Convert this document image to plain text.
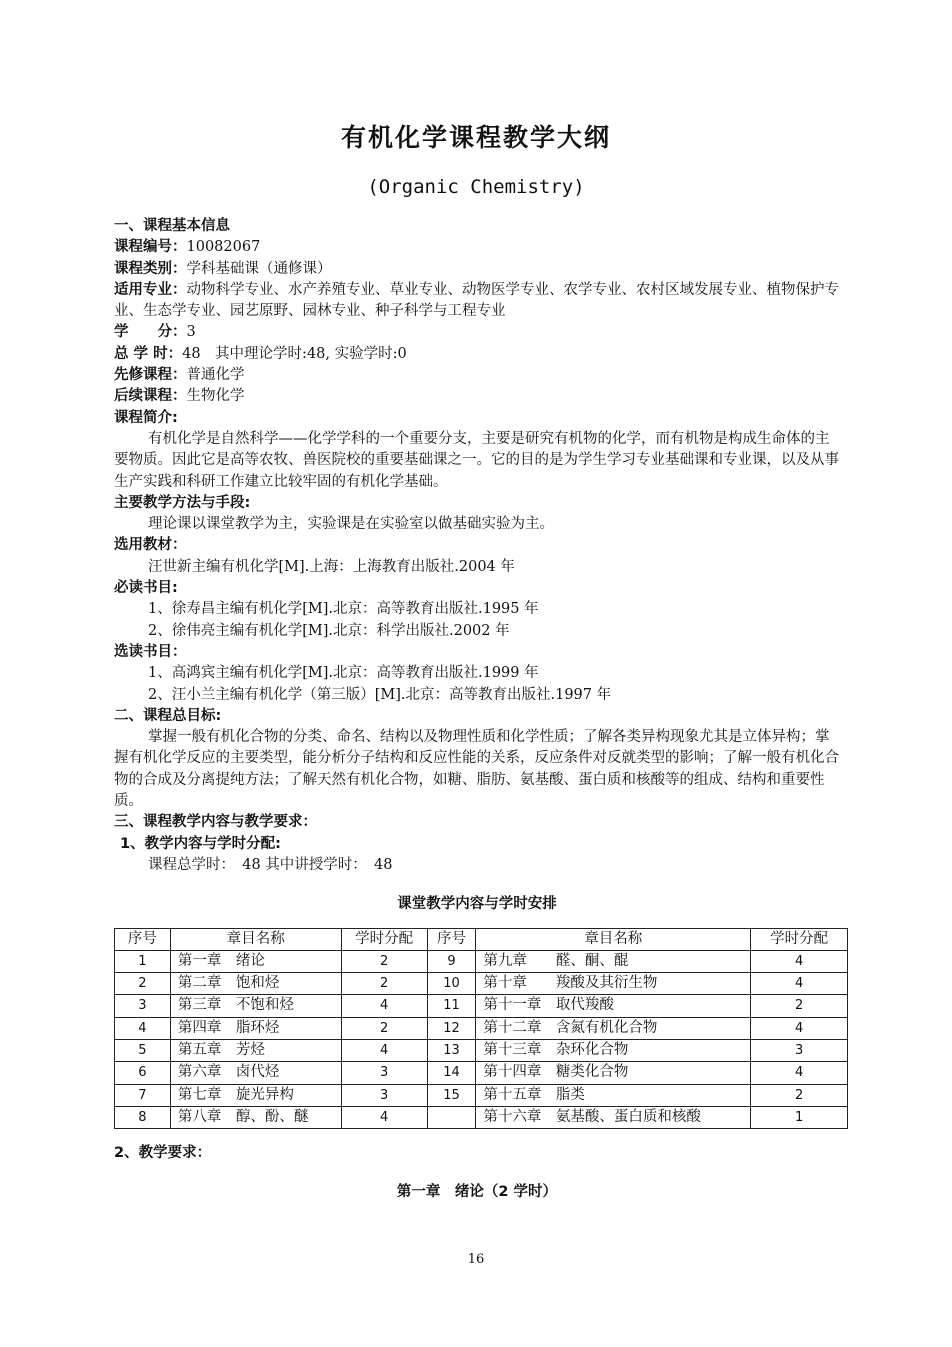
有机化学课程教学大纲
(Organic Chemistry)
一、课程基本信息
课程编号：10082067
课程类别：学科基础课（通修课）
适用专业：动物科学专业、水产养殖专业、草业专业、动物医学专业、农学专业、农村区域发展专业、植物保护专业、生态学专业、园艺原野、园林专业、种子科学与工程专业
学　　分：3
总 学 时：48　其中理论学时:48, 实验学时:0
先修课程：普通化学
后续课程：生物化学
课程简介:
有机化学是自然科学——化学学科的一个重要分支，主要是研究有机物的化学，而有机物是构成生命体的主要物质。因此它是高等农牧、兽医院校的重要基础课之一。它的目的是为学生学习专业基础课和专业课，以及从事生产实践和科研工作建立比较牢固的有机化学基础。
主要教学方法与手段:
理论课以课堂教学为主，实验课是在实验室以做基础实验为主。
选用教材：
汪世新主编有机化学[M].上海：上海教育出版社.2004 年
必读书目:
1、徐寿昌主编有机化学[M].北京：高等教育出版社.1995 年
2、徐伟亮主编有机化学[M].北京：科学出版社.2002 年
选读书目：
1、高鸿宾主编有机化学[M].北京：高等教育出版社.1999 年
2、汪小兰主编有机化学（第三版）[M].北京：高等教育出版社.1997 年
二、课程总目标:
掌握一般有机化合物的分类、命名、结构以及物理性质和化学性质；了解各类异构现象尤其是立体异构；掌握有机化学反应的主要类型，能分析分子结构和反应性能的关系，反应条件对反就类型的影响；了解一般有机化合物的合成及分离提纯方法；了解天然有机化合物，如糖、脂肪、氨基酸、蛋白质和核酸等的组成、结构和重要性质。
三、课程教学内容与教学要求：
1、教学内容与学时分配:
课程总学时：　48 其中讲授学时：　48
课堂教学内容与学时安排
序号	章目名称	学时分配	序号	章目名称	学时分配
1	第一章　绪论	2	9	第九章　　醛、酮、醌	4
2	第二章　饱和烃	2	10	第十章　　羧酸及其衍生物	4
3	第三章　不饱和烃	4	11	第十一章　取代羧酸	2
4	第四章　脂环烃	2	12	第十二章　含氮有机化合物	4
5	第五章　芳烃	4	13	第十三章　杂环化合物	3
6	第六章　卤代烃	3	14	第十四章　糖类化合物	4
7	第七章　旋光异构	3	15	第十五章　脂类	2
8	第八章　醇、酚、醚	4		第十六章　氨基酸、蛋白质和核酸	1
2、教学要求：
第一章　绪论（2 学时）
16
